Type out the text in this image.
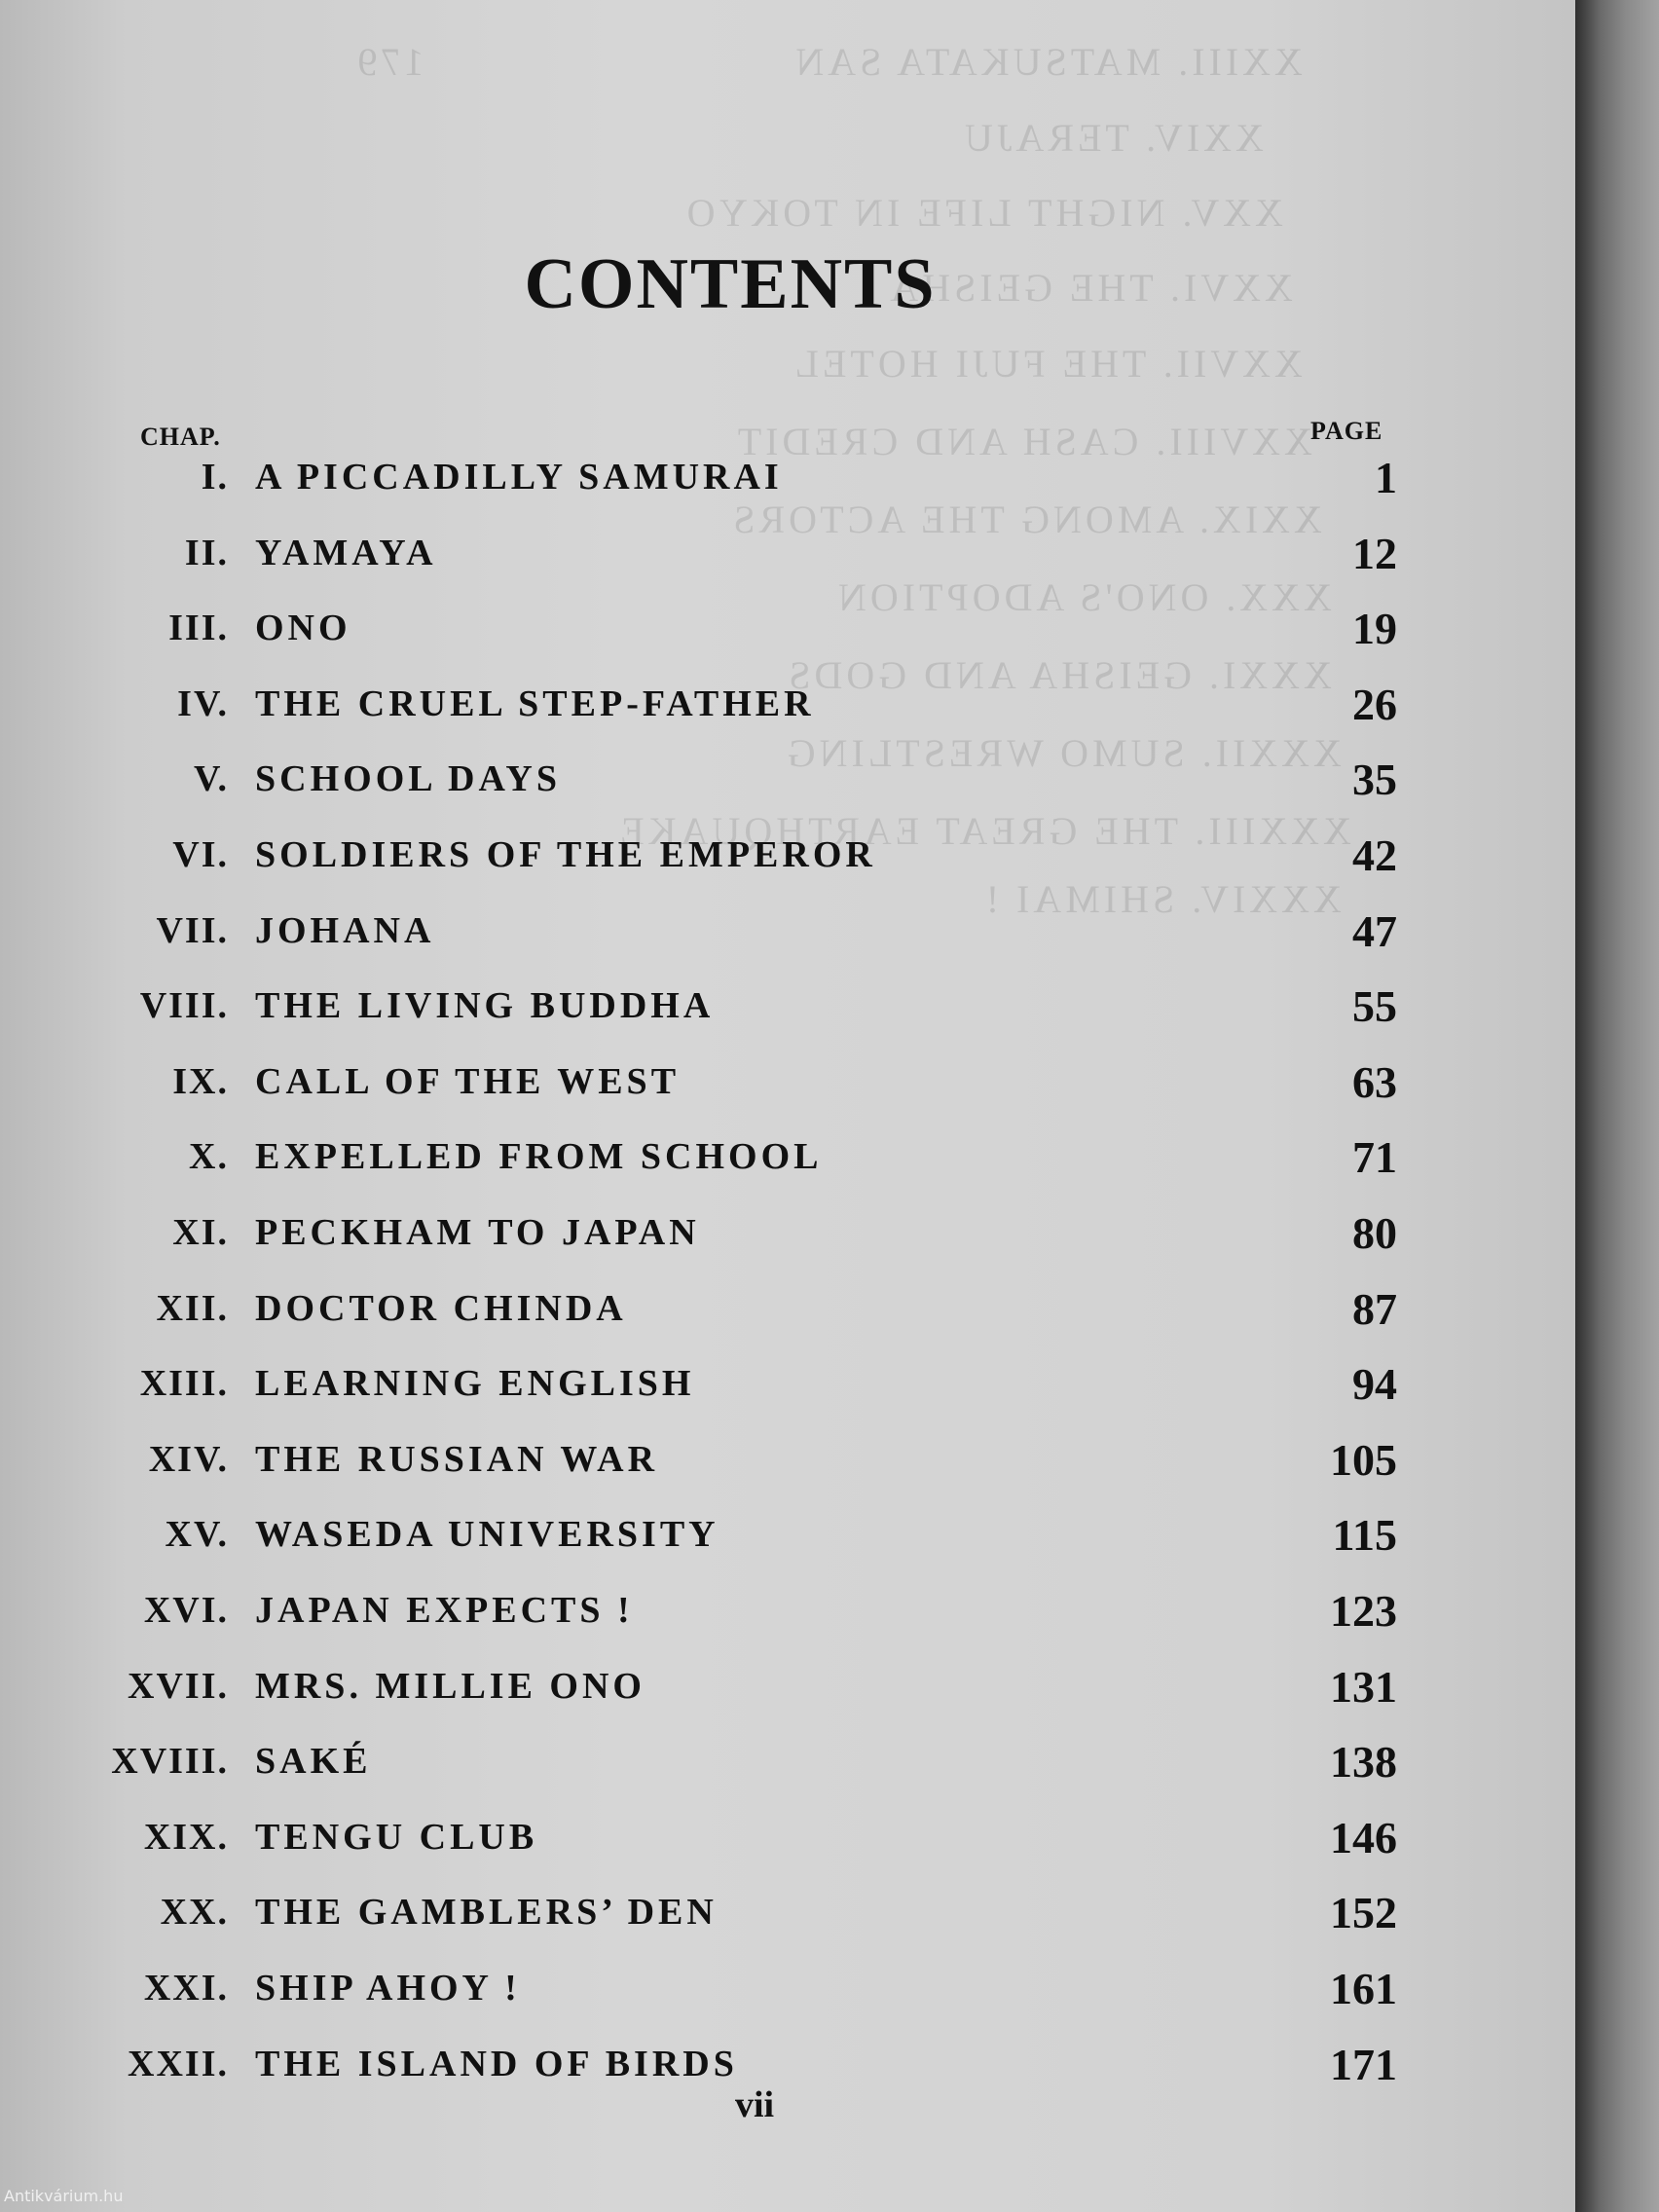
XXIII. MATSUKATA SAN                           179
XXIV. TERAJU
XXV. NIGHT LIFE IN TOKYO
XXVI. THE GEISHA
XXVII. THE FUJI HOTEL
XXVIII. CASH AND CREDIT
XXIX. AMONG THE ACTORS
XXX. ONO'S ADOPTION
XXXI. GEISHA AND GODS
XXXII. SUMO WRESTLING
XXXIII. THE GREAT EARTHQUAKE
XXXIV. SHIMAI !
CONTENTS
CHAP.	PAGE
I. A PICCADILLY SAMURAI	1
II. YAMAYA	12
III. ONO	19
IV. THE CRUEL STEP-FATHER	26
V. SCHOOL DAYS	35
VI. SOLDIERS OF THE EMPEROR	42
VII. JOHANA	47
VIII. THE LIVING BUDDHA	55
IX. CALL OF THE WEST	63
X. EXPELLED FROM SCHOOL	71
XI. PECKHAM TO JAPAN	80
XII. DOCTOR CHINDA	87
XIII. LEARNING ENGLISH	94
XIV. THE RUSSIAN WAR	105
XV. WASEDA UNIVERSITY	115
XVI. JAPAN EXPECTS !	123
XVII. MRS. MILLIE ONO	131
XVIII. SAKÉ	138
XIX. TENGU CLUB	146
XX. THE GAMBLERS’ DEN	152
XXI. SHIP AHOY !	161
XXII. THE ISLAND OF BIRDS	171
vii
Antikvárium.hu
